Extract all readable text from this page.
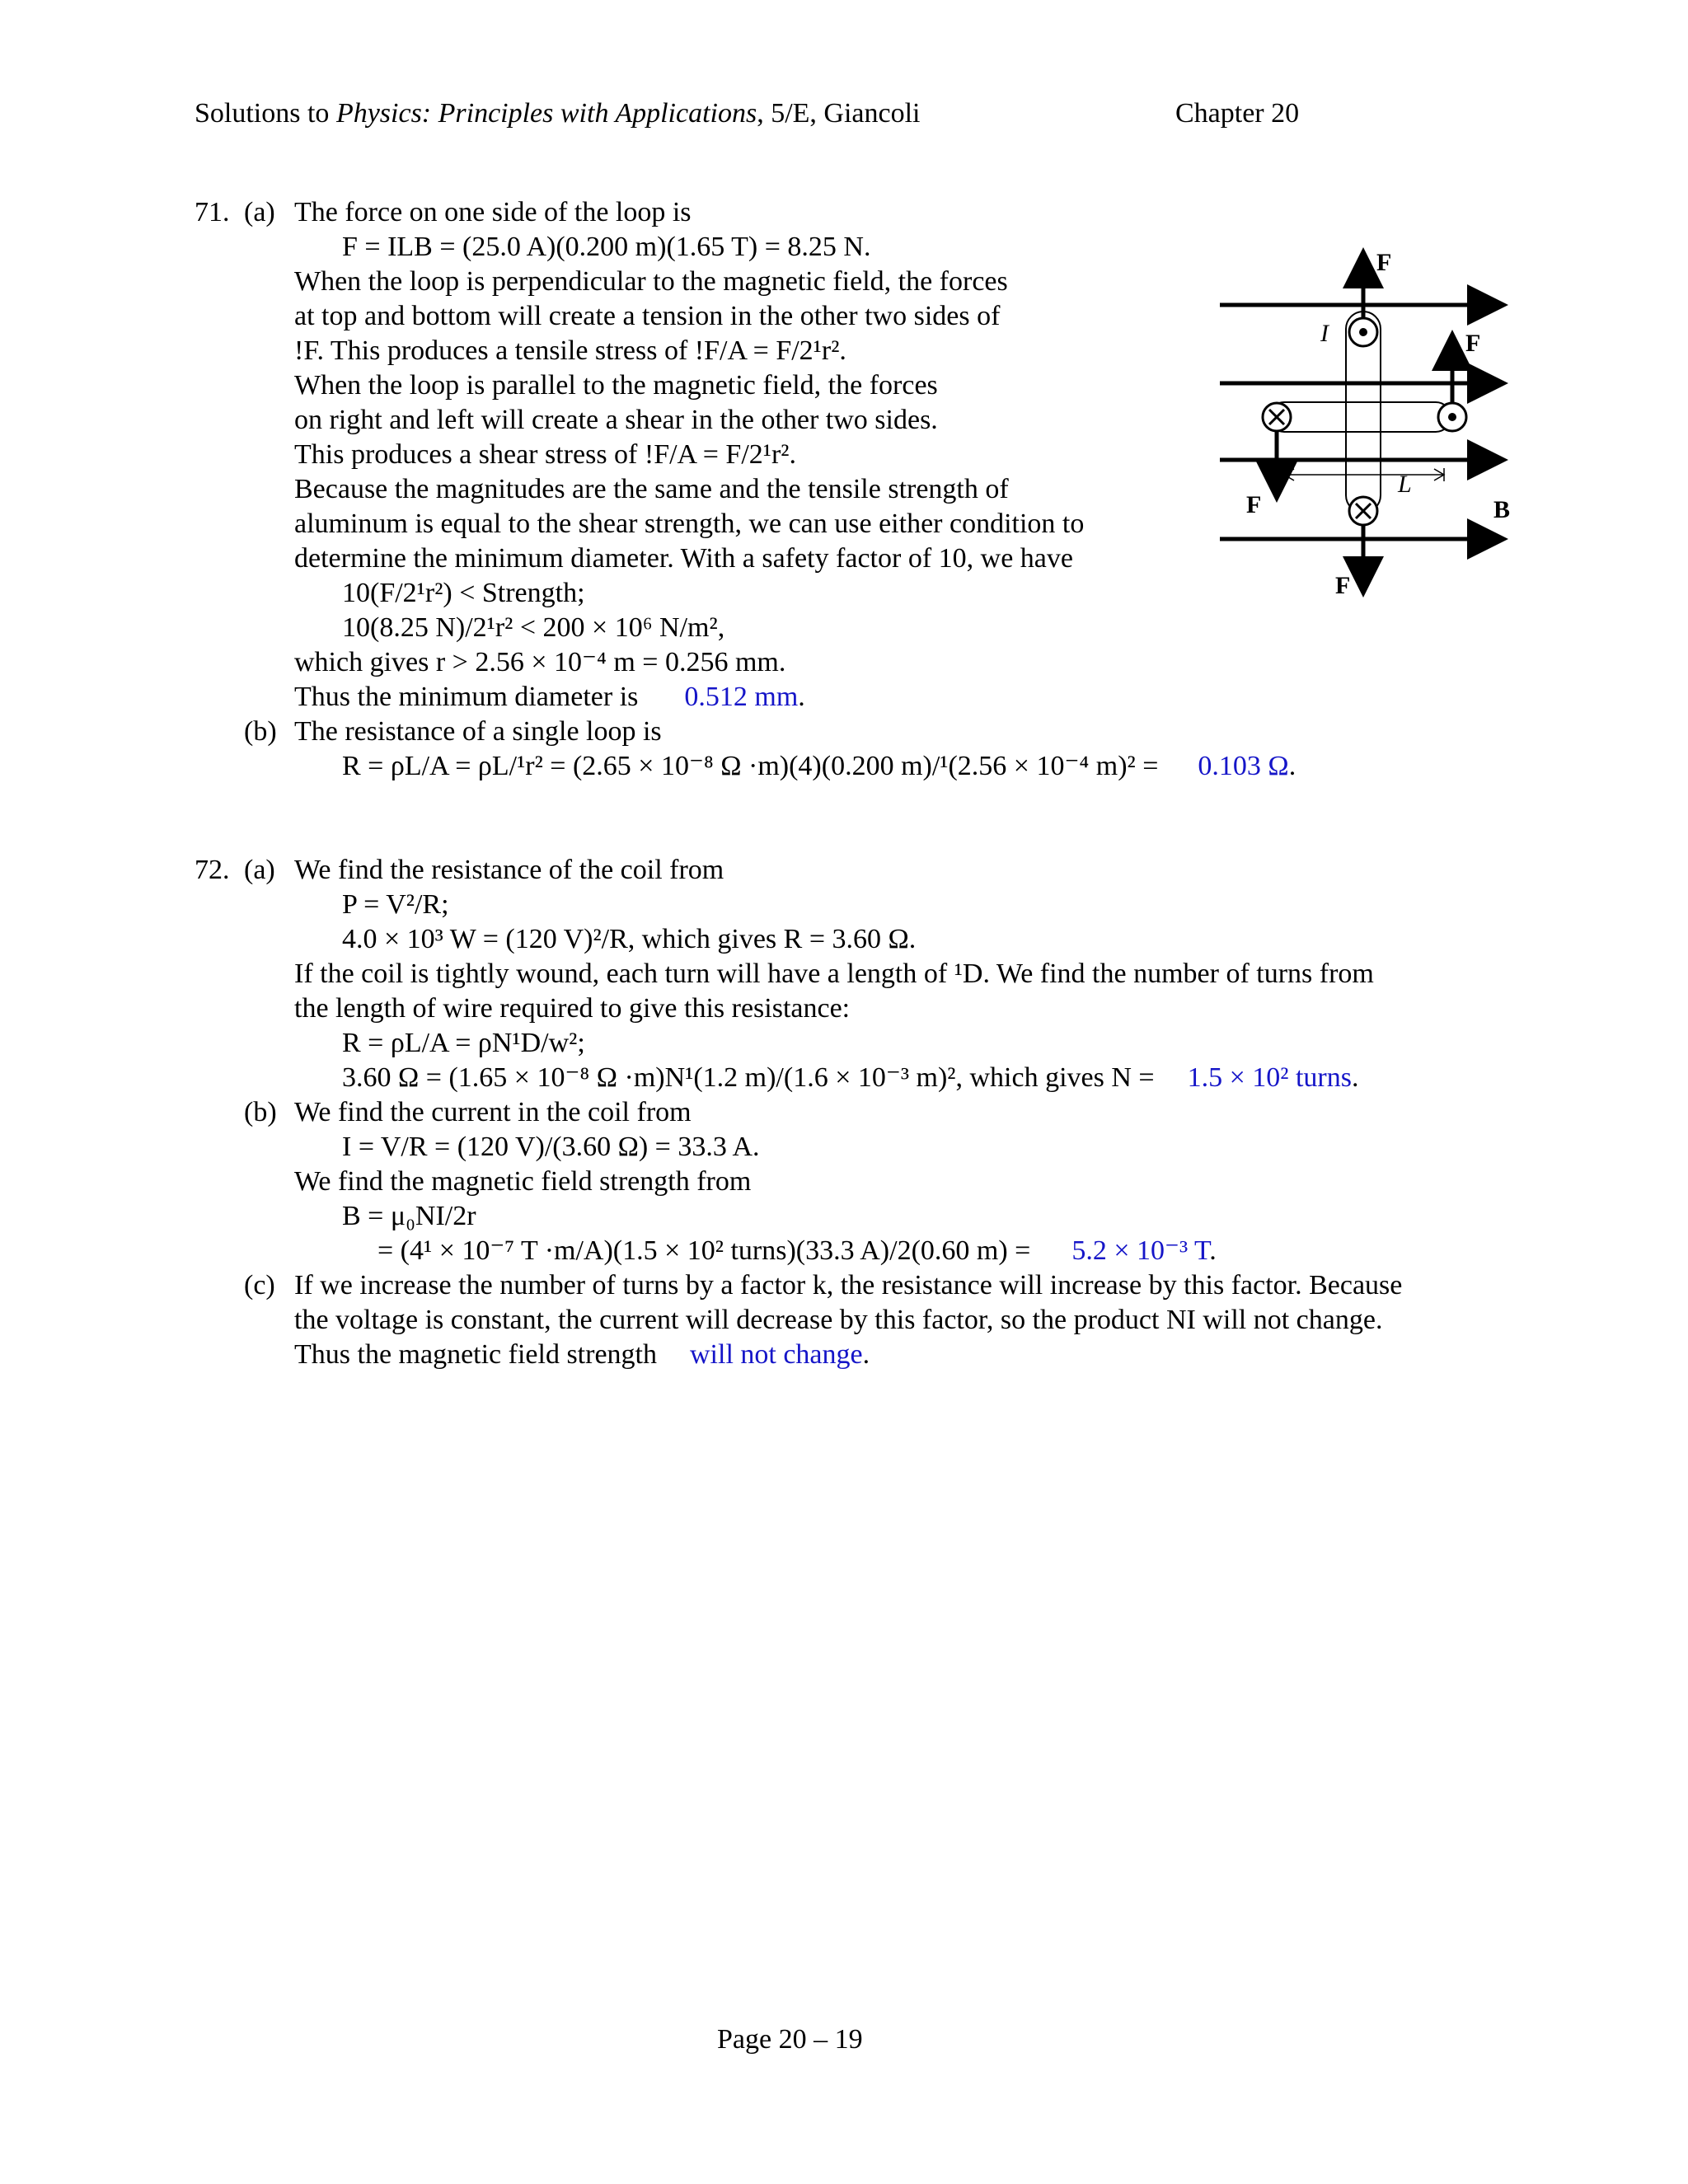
Solutions to Physics: Principles with Applications, 5/E, Giancoli	Chapter 20
71. (a) The force on one side of the loop is
F = ILB = (25.0 A)(0.200 m)(1.65 T) = 8.25 N.
When the loop is perpendicular to the magnetic field, the forces
at top and bottom will create a tension in the other two sides of
!F. This produces a tensile stress of !F/A = F/2¹r².
When the loop is parallel to the magnetic field, the forces
on right and left will create a shear in the other two sides.
This produces a shear stress of !F/A = F/2¹r².
Because the magnitudes are the same and the tensile strength of
aluminum is equal to the shear strength, we can use either condition to
determine the minimum diameter. With a safety factor of 10, we have
10(F/2¹r²) < Strength;
10(8.25 N)/2¹r² < 200 × 10⁶ N/m²,
which gives r > 2.56 × 10⁻⁴ m = 0.256 mm.
Thus the minimum diameter is 0.512 mm.
(b) The resistance of a single loop is
R = ρL/A = ρL/¹r² = (2.65 × 10⁻⁸ Ω ·m)(4)(0.200 m)/¹(2.56 × 10⁻⁴ m)² = 0.103 Ω.
72. (a) We find the resistance of the coil from
P = V²/R;
4.0 × 10³ W = (120 V)²/R, which gives R = 3.60 Ω.
If the coil is tightly wound, each turn will have a length of ¹D. We find the number of turns from
the length of wire required to give this resistance:
R = ρL/A = ρN¹D/w²;
3.60 Ω = (1.65 × 10⁻⁸ Ω ·m)N¹(1.2 m)/(1.6 × 10⁻³ m)², which gives N = 1.5 × 10² turns.
(b) We find the current in the coil from
I = V/R = (120 V)/(3.60 Ω) = 33.3 A.
We find the magnetic field strength from
B = μ₀NI/2r
= (4¹ × 10⁻⁷ T ·m/A)(1.5 × 10² turns)(33.3 A)/2(0.60 m) = 5.2 × 10⁻³ T.
(c) If we increase the number of turns by a factor k, the resistance will increase by this factor. Because
the voltage is constant, the current will decrease by this factor, so the product NI will not change.
Thus the magnetic field strength will not change.
F
F
F
F
I
L
B
Page 20 – 19
